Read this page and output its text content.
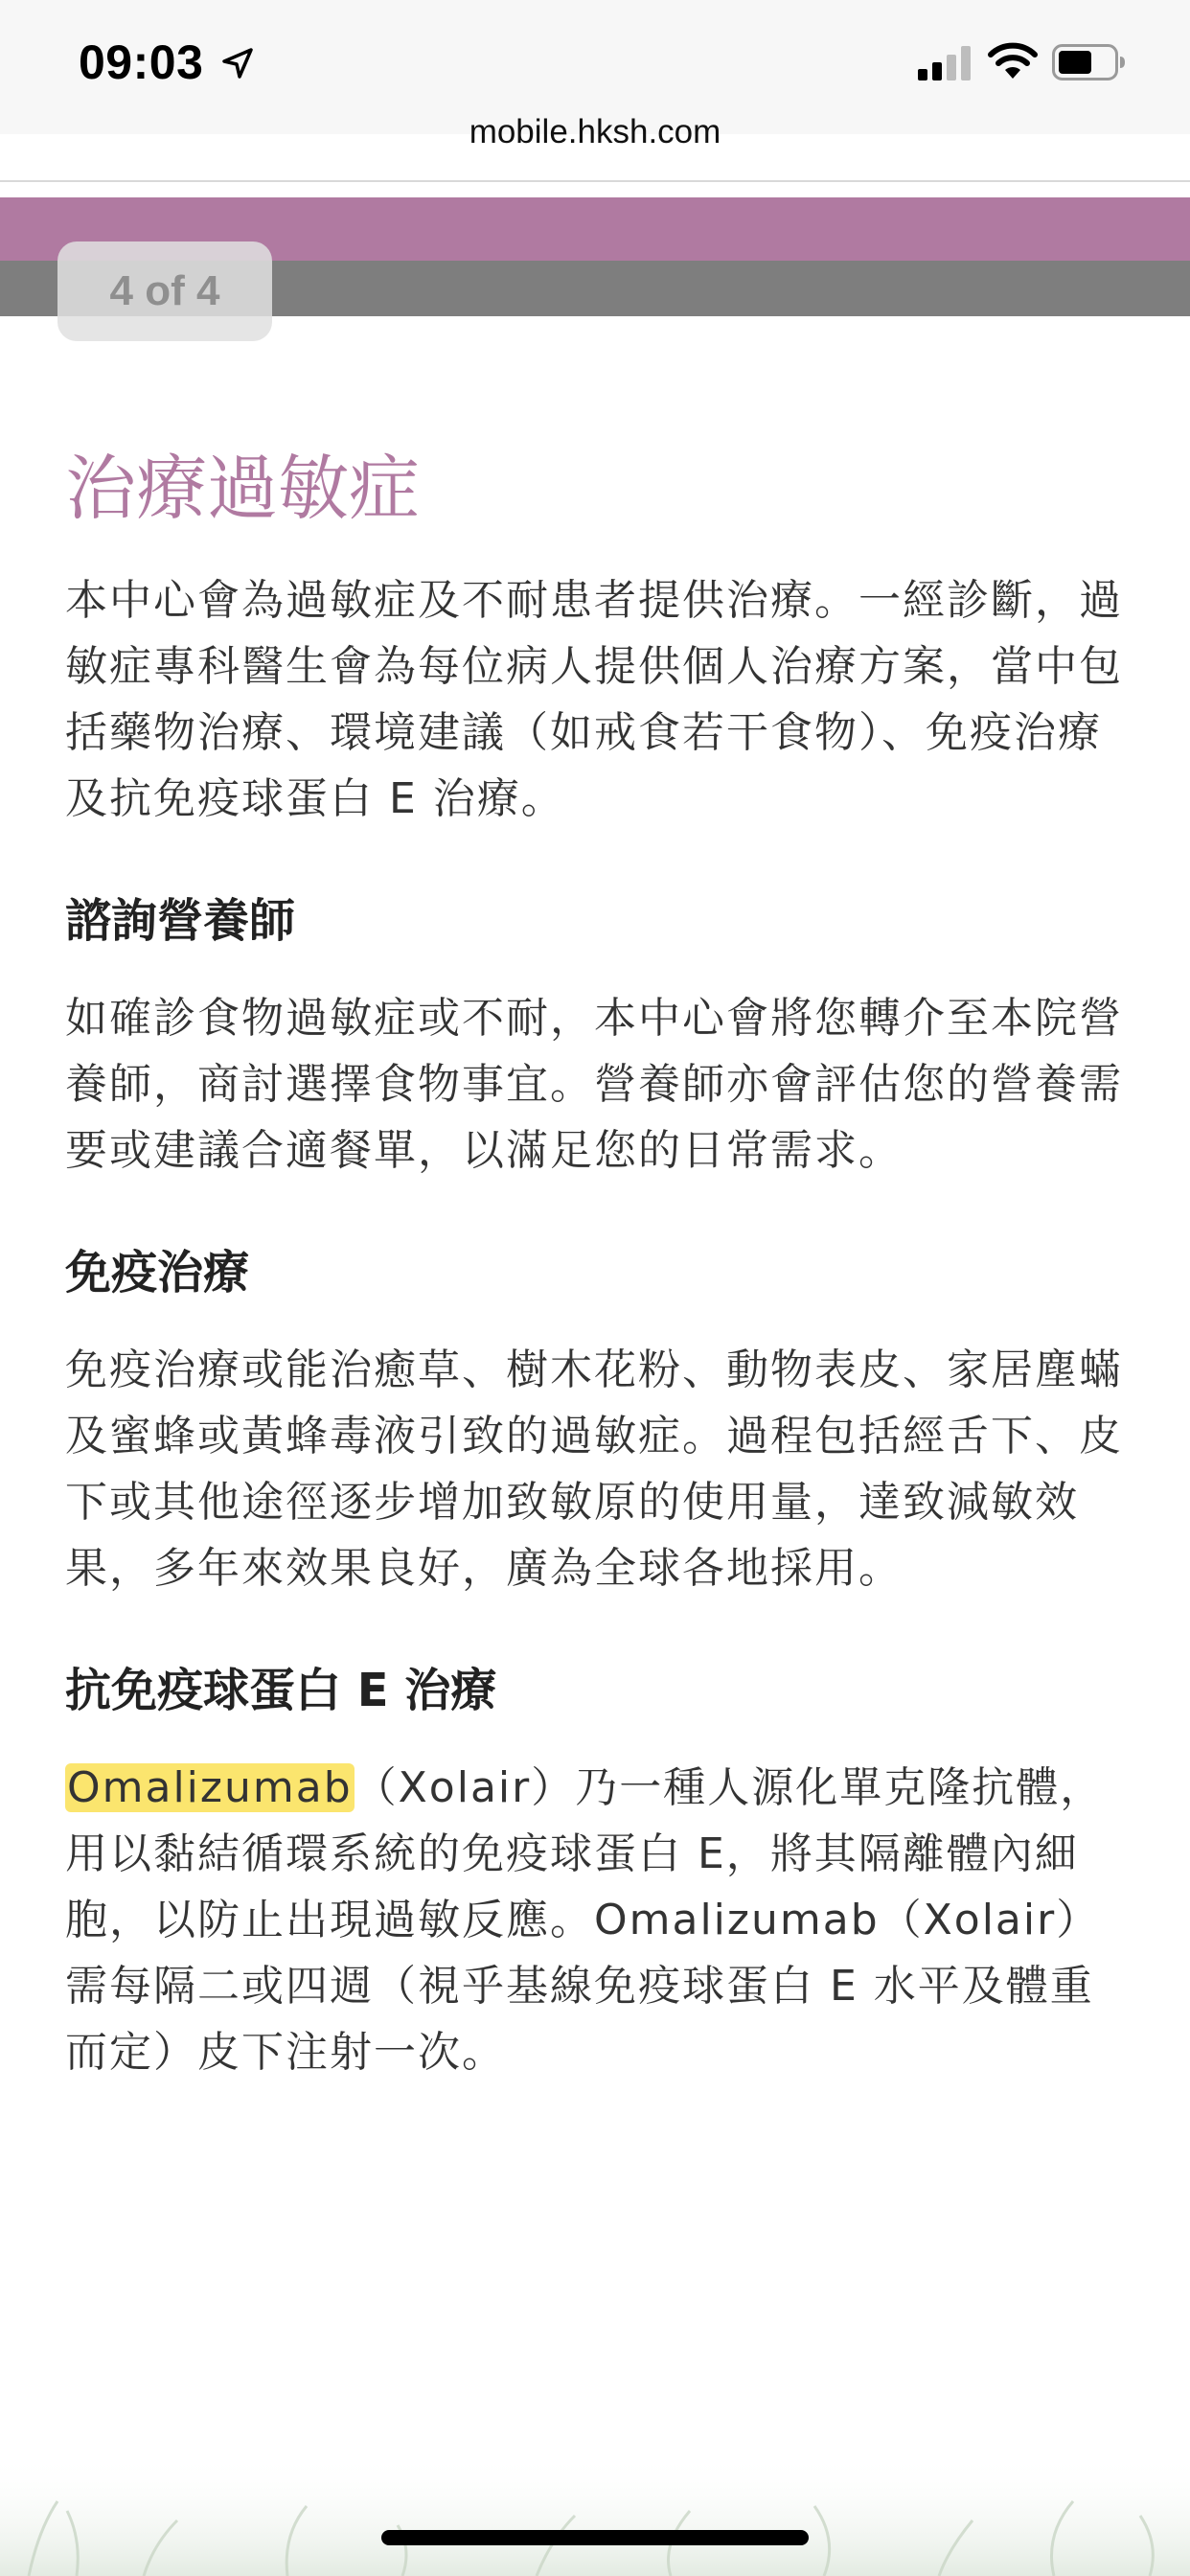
09:03
mobile.hksh.com
4 of 4
治療過敏症

本中心會為過敏症及不耐患者提供治療。一經診斷，過敏症專科醫生會為每位病人提供個人治療方案，當中包括藥物治療、環境建議（如戒食若干食物）、免疫治療及抗免疫球蛋白 E 治療。

諮詢營養師

如確診食物過敏症或不耐，本中心會將您轉介至本院營養師，商討選擇食物事宜。營養師亦會評估您的營養需要或建議合適餐單，以滿足您的日常需求。

免疫治療

免疫治療或能治癒草、樹木花粉、動物表皮、家居塵蟎及蜜蜂或黃蜂毒液引致的過敏症。過程包括經舌下、皮下或其他途徑逐步增加致敏原的使用量，達致減敏效果，多年來效果良好，廣為全球各地採用。

抗免疫球蛋白 E 治療

Omalizumab（Xolair）乃一種人源化單克隆抗體，用以黏結循環系統的免疫球蛋白 E，將其隔離體內細胞，以防止出現過敏反應。Omalizumab（Xolair）需每隔二或四週（視乎基線免疫球蛋白 E 水平及體重而定）皮下注射一次。
